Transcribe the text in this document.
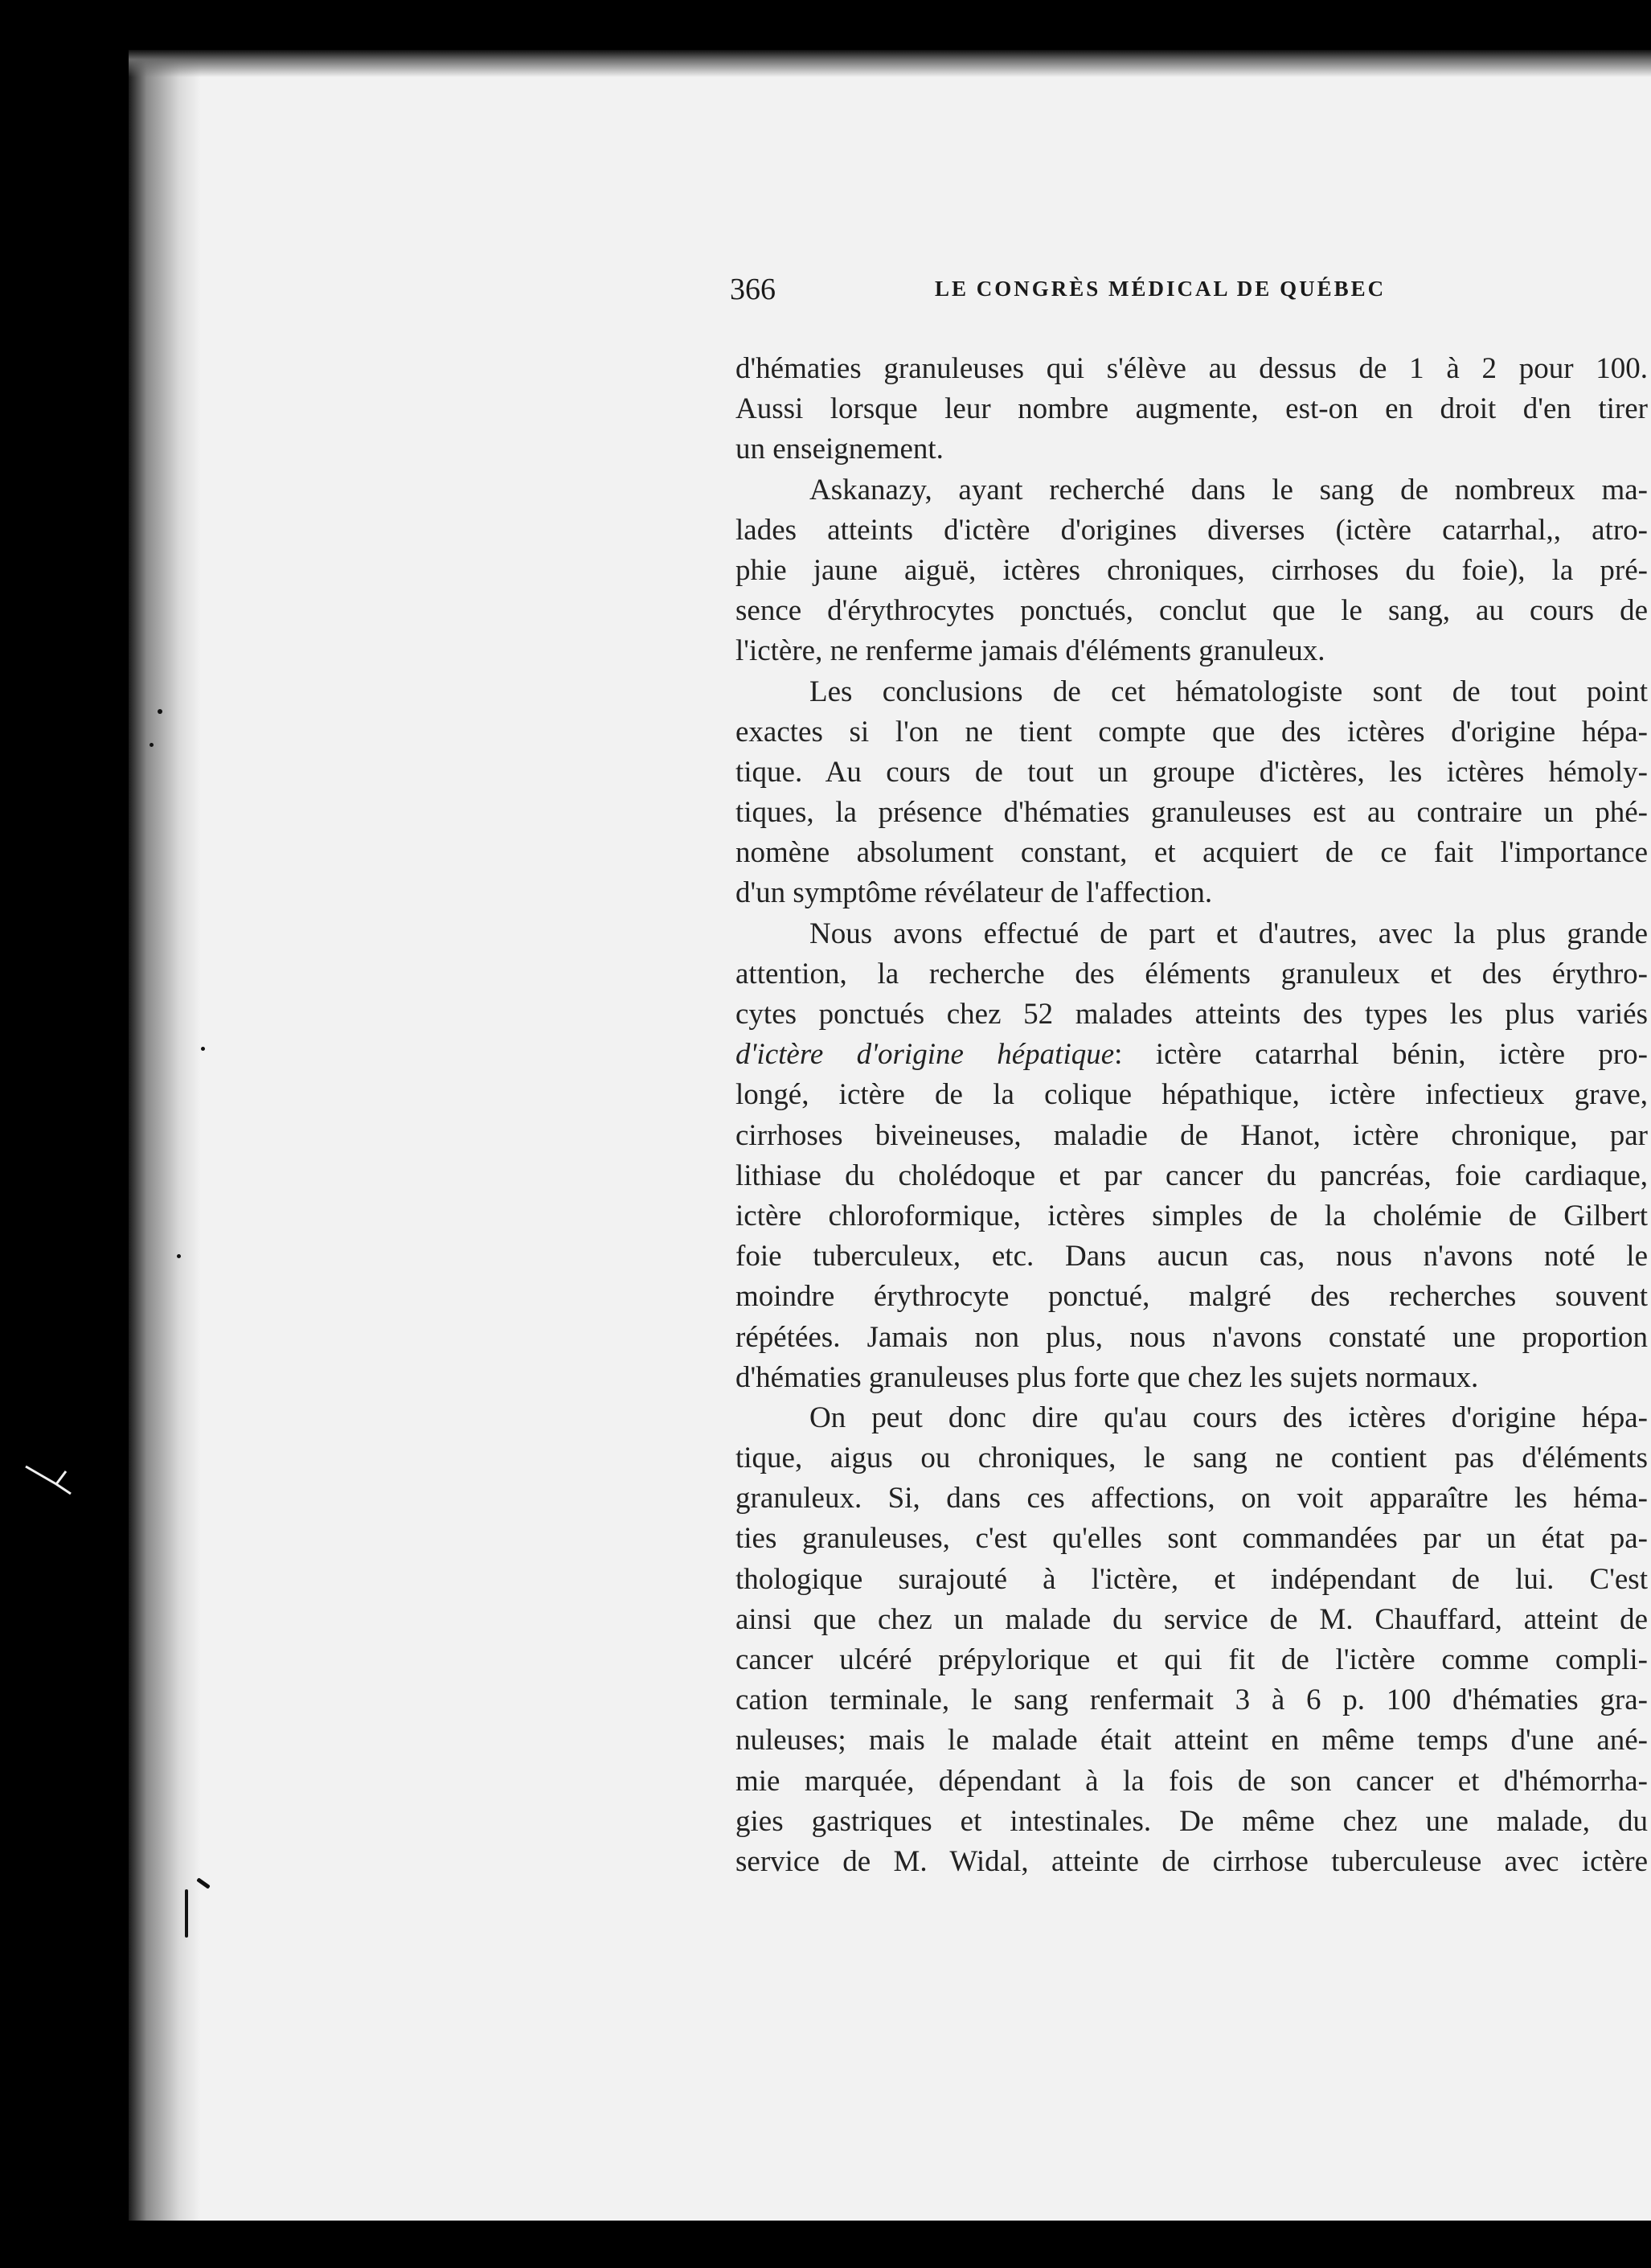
366	LE CONGRÈS MÉDICAL DE QUÉBEC
d'hématies granuleuses qui s'élève au dessus de 1 à 2 pour 100.
Aussi lorsque leur nombre augmente, est-on en droit d'en tirer
un enseignement.
Askanazy, ayant recherché dans le sang de nombreux ma-
lades atteints d'ictère d'origines diverses (ictère catarrhal,, atro-
phie jaune aiguë, ictères chroniques, cirrhoses du foie), la pré-
sence d'érythrocytes ponctués, conclut que le sang, au cours de
l'ictère, ne renferme jamais d'éléments granuleux.
Les conclusions de cet hématologiste sont de tout point
exactes si l'on ne tient compte que des ictères d'origine hépa-
tique. Au cours de tout un groupe d'ictères, les ictères hémoly-
tiques, la présence d'hématies granuleuses est au contraire un phé-
nomène absolument constant, et acquiert de ce fait l'importance
d'un symptôme révélateur de l'affection.
Nous avons effectué de part et d'autres, avec la plus grande
attention, la recherche des éléments granuleux et des érythro-
cytes ponctués chez 52 malades atteints des types les plus variés
d'ictère d'origine hépatique: ictère catarrhal bénin, ictère pro-
longé, ictère de la colique hépathique, ictère infectieux grave,
cirrhoses biveineuses, maladie de Hanot, ictère chronique, par
lithiase du cholédoque et par cancer du pancréas, foie cardiaque,
ictère chloroformique, ictères simples de la cholémie de Gilbert
foie tuberculeux, etc. Dans aucun cas, nous n'avons noté le
moindre érythrocyte ponctué, malgré des recherches souvent
répétées. Jamais non plus, nous n'avons constaté une proportion
d'hématies granuleuses plus forte que chez les sujets normaux.
On peut donc dire qu'au cours des ictères d'origine hépa-
tique, aigus ou chroniques, le sang ne contient pas d'éléments
granuleux. Si, dans ces affections, on voit apparaître les héma-
ties granuleuses, c'est qu'elles sont commandées par un état pa-
thologique surajouté à l'ictère, et indépendant de lui. C'est
ainsi que chez un malade du service de M. Chauffard, atteint de
cancer ulcéré prépylorique et qui fit de l'ictère comme compli-
cation terminale, le sang renfermait 3 à 6 p. 100 d'hématies gra-
nuleuses; mais le malade était atteint en même temps d'une ané-
mie marquée, dépendant à la fois de son cancer et d'hémorrha-
gies gastriques et intestinales. De même chez une malade, du
service de M. Widal, atteinte de cirrhose tuberculeuse avec ictère
